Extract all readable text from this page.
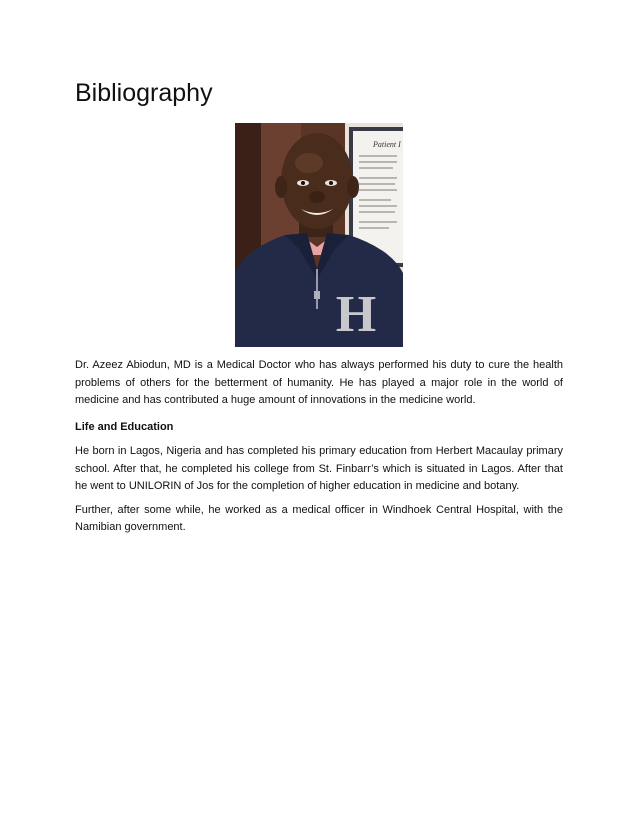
Bibliography
Patient I
H

Dr. Azeez Abiodun, MD is a Medical Doctor who has always performed his duty to cure the health problems of others for the betterment of humanity. He has played a major role in the world of medicine and has contributed a huge amount of innovations in the medicine world.

Life and Education

He born in Lagos, Nigeria and has completed his primary education from Herbert Macaulay primary school. After that, he completed his college from St. Finbarr’s which is situated in Lagos. After that he went to UNILORIN of Jos for the completion of higher education in medicine and botany.

Further, after some while, he worked as a medical officer in Windhoek Central Hospital, with the Namibian government.
